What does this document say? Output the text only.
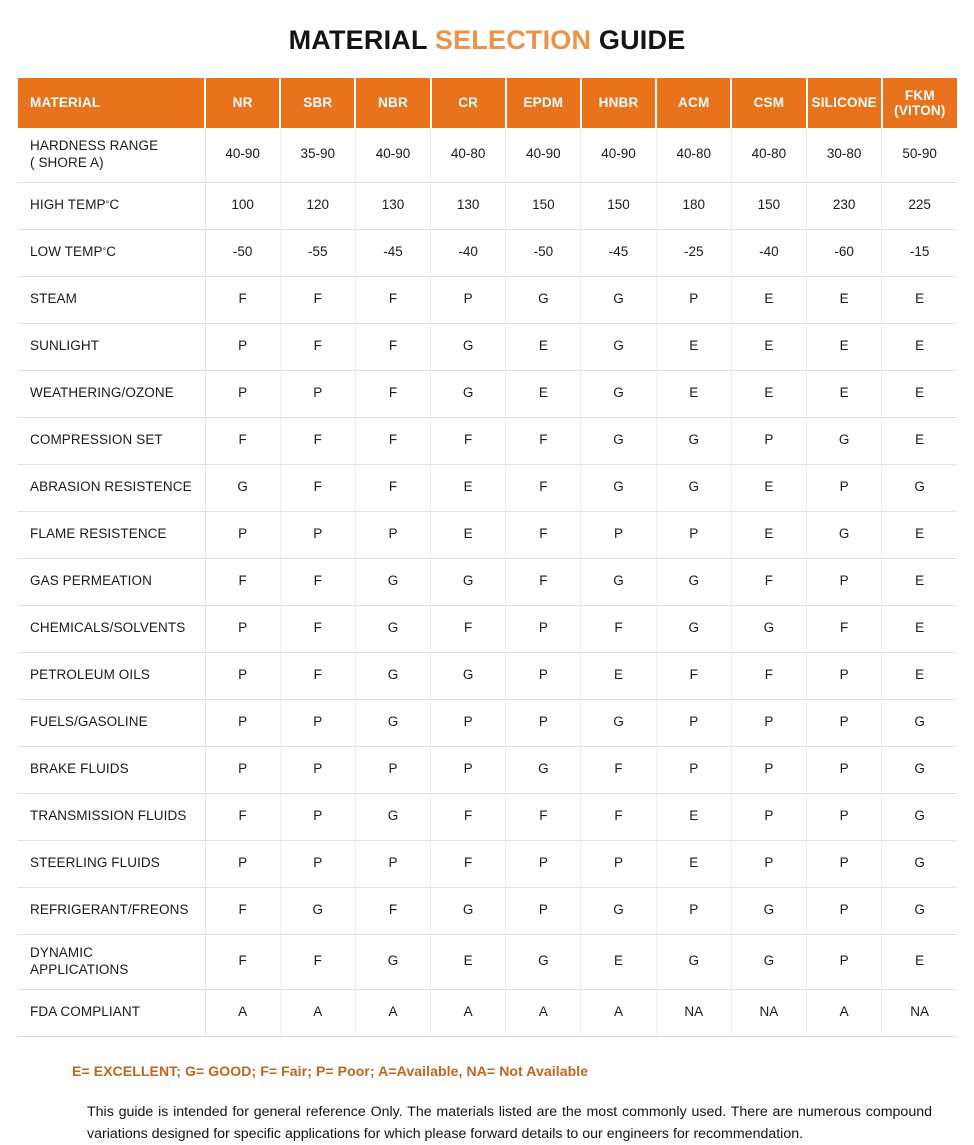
MATERIAL SELECTION GUIDE
MATERIAL	NR	SBR	NBR	CR	EPDM	HNBR	ACM	CSM	SILICONE	FKM
(VITON)
HARDNESS RANGE
( SHORE A)	40-90	35-90	40-90	40-80	40-90	40-90	40-80	40-80	30-80	50-90
HIGH TEMP°C	100	120	130	130	150	150	180	150	230	225
LOW TEMP°C	-50	-55	-45	-40	-50	-45	-25	-40	-60	-15
STEAM	F	F	F	P	G	G	P	E	E	E
SUNLIGHT	P	F	F	G	E	G	E	E	E	E
WEATHERING/OZONE	P	P	F	G	E	G	E	E	E	E
COMPRESSION SET	F	F	F	F	F	G	G	P	G	E
ABRASION RESISTENCE	G	F	F	E	F	G	G	E	P	G
FLAME RESISTENCE	P	P	P	E	F	P	P	E	G	E
GAS PERMEATION	F	F	G	G	F	G	G	F	P	E
CHEMICALS/SOLVENTS	P	F	G	F	P	F	G	G	F	E
PETROLEUM OILS	P	F	G	G	P	E	F	F	P	E
FUELS/GASOLINE	P	P	G	P	P	G	P	P	P	G
BRAKE FLUIDS	P	P	P	P	G	F	P	P	P	G
TRANSMISSION FLUIDS	F	P	G	F	F	F	E	P	P	G
STEERLING FLUIDS	P	P	P	F	P	P	E	P	P	G
REFRIGERANT/FREONS	F	G	F	G	P	G	P	G	P	G
DYNAMIC
APPLICATIONS	F	F	G	E	G	E	G	G	P	E
FDA COMPLIANT	A	A	A	A	A	A	NA	NA	A	NA
E= EXCELLENT; G= GOOD; F= Fair; P= Poor; A=Available, NA= Not Available
This guide is intended for general reference Only. The materials listed are the most commonly used. There are numerous compound variations designed for specific applications for which please forward details to our engineers for recommendation.
